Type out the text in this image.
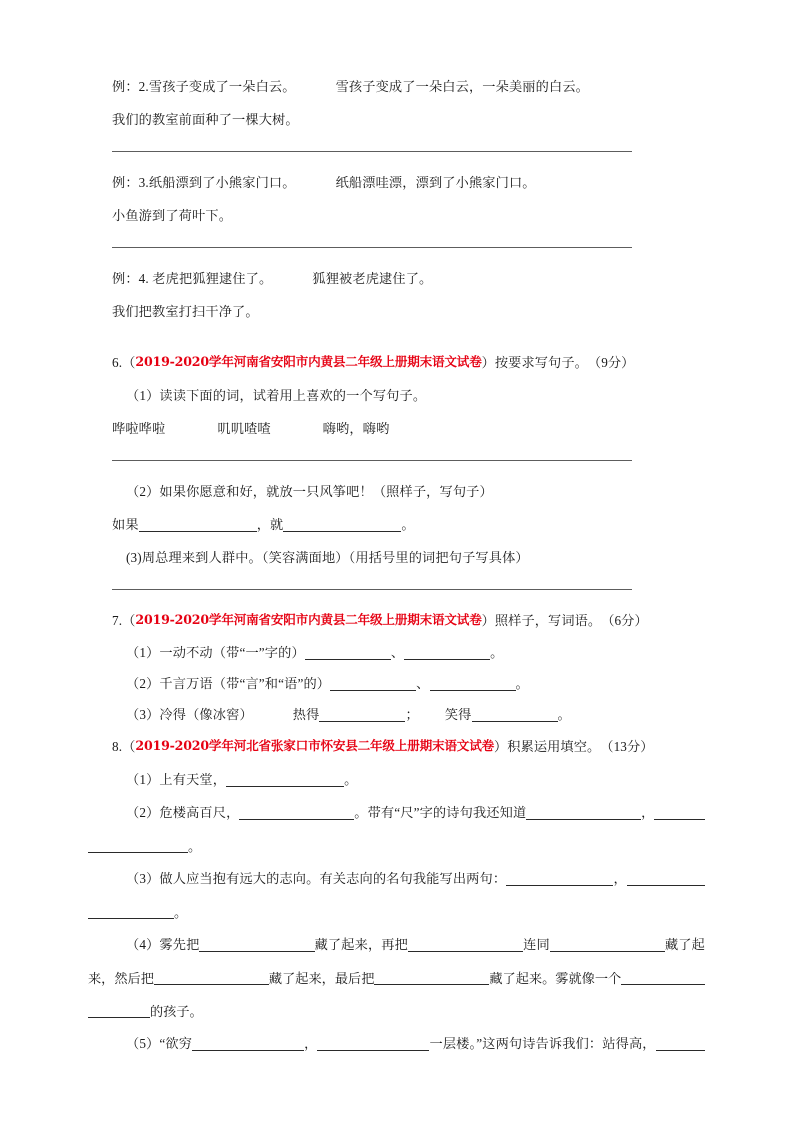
例：2.雪孩子变成了一朵白云。	雪孩子变成了一朵白云，一朵美丽的白云。
我们的教室前面种了一棵大树。
例：3.纸船漂到了小熊家门口。	纸船漂哇漂，漂到了小熊家门口。
小鱼游到了荷叶下。
例：4. 老虎把狐狸逮住了。	狐狸被老虎逮住了。
我们把教室打扫干净了。
6. （ 2019-2020学年河南省安阳市内黄县二年级上册期末语文试卷 ） 按要求写句子。 （9分）
（1） 读读下面的词，试着用上喜欢的一个写句子。
哗啦哗啦	叽叽喳喳	嗨哟，嗨哟
（2） 如果你愿意和好，就放一只风筝吧！（照样子，写句子）
如果	，就	。
(3) 周总理来到人群中。（笑容满面地）（用括号里的词把句子写具体）
7. （ 2019-2020学年河南省安阳市内黄县二年级上册期末语文试卷 ） 照样子，写词语。 （6分）
（1） 一动不动（带“一”字的）	、	。
（2） 千言万语（带“言”和“语”的）	、	。
（3） 冷得（像冰窖）	热得	； 笑得	。
8. （ 2019-2020学年河北省张家口市怀安县二年级上册期末语文试卷 ） 积累运用填空。 （13分）
（1） 上有天堂，	。
（2） 危楼高百尺，	。带有“尺”字的诗句我还知道	，
。
（3） 做人应当抱有远大的志向。有关志向的名句我能写出两句：	，
。
（4） 雾先把	藏了起来，再把	连同	藏了起
来，然后把	藏了起来，最后把	藏了起来。雾就像一个
的孩子。
（5） “欲穷	，	一层楼。”这两句诗告诉我们：站得高，
